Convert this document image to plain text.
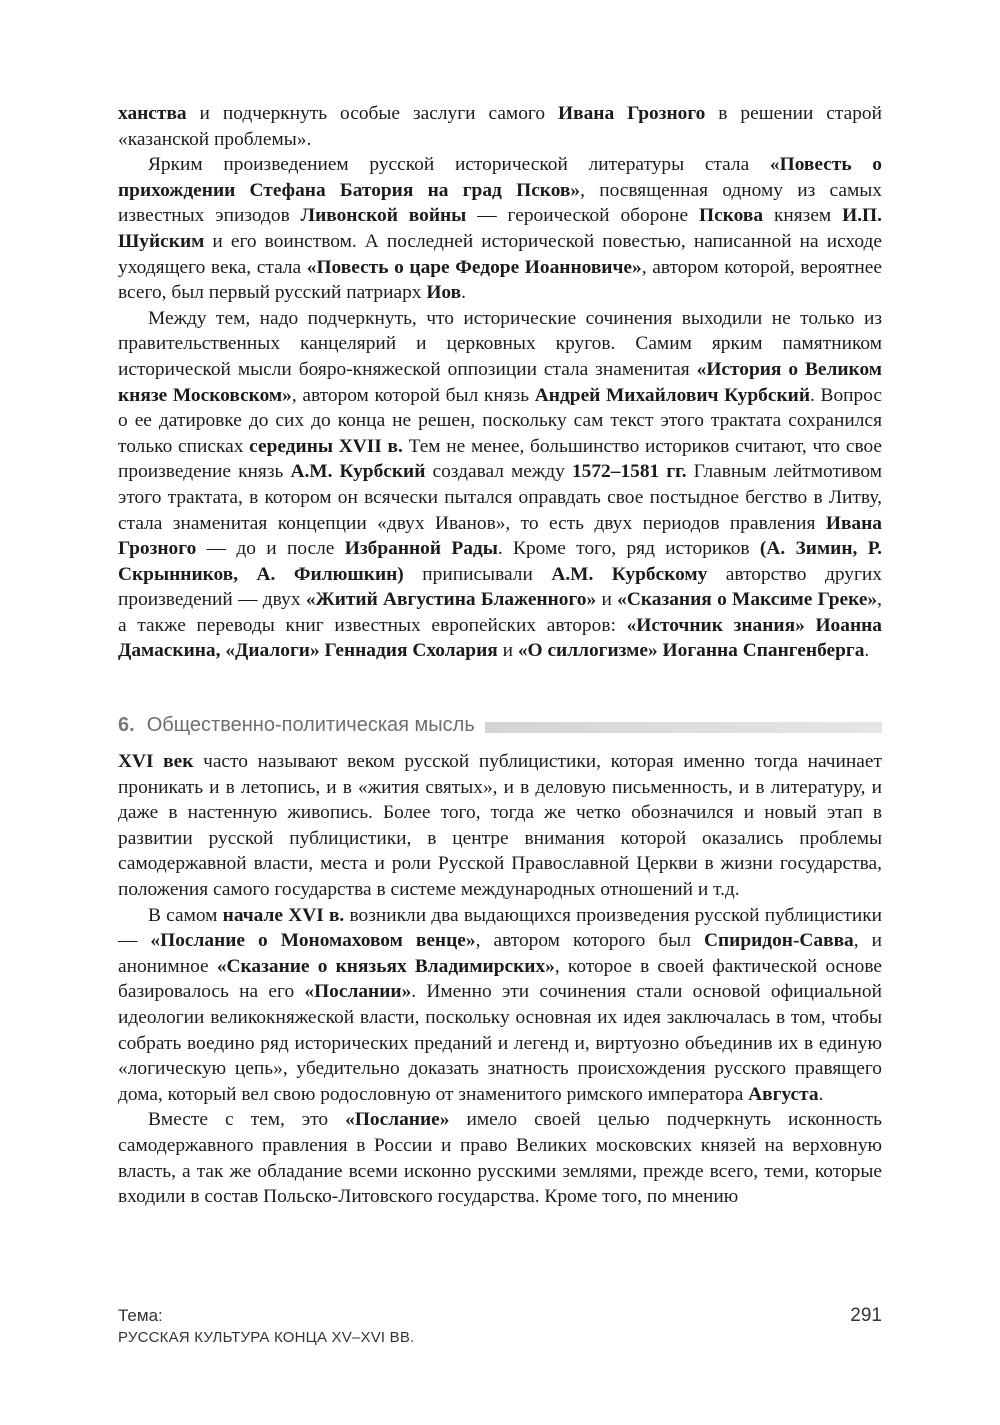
ханства и подчеркнуть особые заслуги самого Ивана Грозного в решении старой «казанской проблемы».

Ярким произведением русской исторической литературы стала «Повесть о прихождении Стефана Батория на град Псков», посвященная одному из самых известных эпизодов Ливонской войны — героической обороне Пскова князем И.П. Шуйским и его воинством. А последней исторической повестью, написанной на исходе уходящего века, стала «Повесть о царе Федоре Иоанновиче», автором которой, вероятнее всего, был первый русский патриарх Иов.

Между тем, надо подчеркнуть, что исторические сочинения выходили не только из правительственных канцелярий и церковных кругов. Самим ярким памятником исторической мысли бояро-княжеской оппозиции стала знаменитая «История о Великом князе Московском», автором которой был князь Андрей Михайлович Курбский. Вопрос о ее датировке до сих до конца не решен, поскольку сам текст этого трактата сохранился только списках середины XVII в. Тем не менее, большинство историков считают, что свое произведение князь А.М. Курбский создавал между 1572–1581 гг. Главным лейтмотивом этого трактата, в котором он всячески пытался оправдать свое постыдное бегство в Литву, стала знаменитая концепции «двух Иванов», то есть двух периодов правления Ивана Грозного — до и после Избранной Рады. Кроме того, ряд историков (А. Зимин, Р. Скрынников, А. Филюшкин) приписывали А.М. Курбскому авторство других произведений — двух «Житий Августина Блаженного» и «Сказания о Максиме Греке», а также переводы книг известных европейских авторов: «Источник знания» Иоанна Дамаскина, «Диалоги» Геннадия Схолария и «О силлогизме» Иоганна Спангенберга.

6. Общественно-политическая мысль

XVI век часто называют веком русской публицистики, которая именно тогда начинает проникать и в летопись, и в «жития святых», и в деловую письменность, и в литературу, и даже в настенную живопись. Более того, тогда же четко обозначился и новый этап в развитии русской публицистики, в центре внимания которой оказались проблемы самодержавной власти, места и роли Русской Православной Церкви в жизни государства, положения самого государства в системе международных отношений и т.д.

В самом начале XVI в. возникли два выдающихся произведения русской публицистики — «Послание о Мономаховом венце», автором которого был Спиридон-Савва, и анонимное «Сказание о князьях Владимирских», которое в своей фактической основе базировалось на его «Послании». Именно эти сочинения стали основой официальной идеологии великокняжеской власти, поскольку основная их идея заключалась в том, чтобы собрать воедино ряд исторических преданий и легенд и, виртуозно объединив их в единую «логическую цепь», убедительно доказать знатность происхождения русского правящего дома, который вел свою родословную от знаменитого римского императора Августа.

Вместе с тем, это «Послание» имело своей целью подчеркнуть исконность самодержавного правления в России и право Великих московских князей на верховную власть, а так же обладание всеми исконно русскими землями, прежде всего, теми, которые входили в состав Польско-Литовского государства. Кроме того, по мнению

Тема:
РУССКАЯ КУЛЬТУРА КОНЦА XV–XVI ВВ.
291
